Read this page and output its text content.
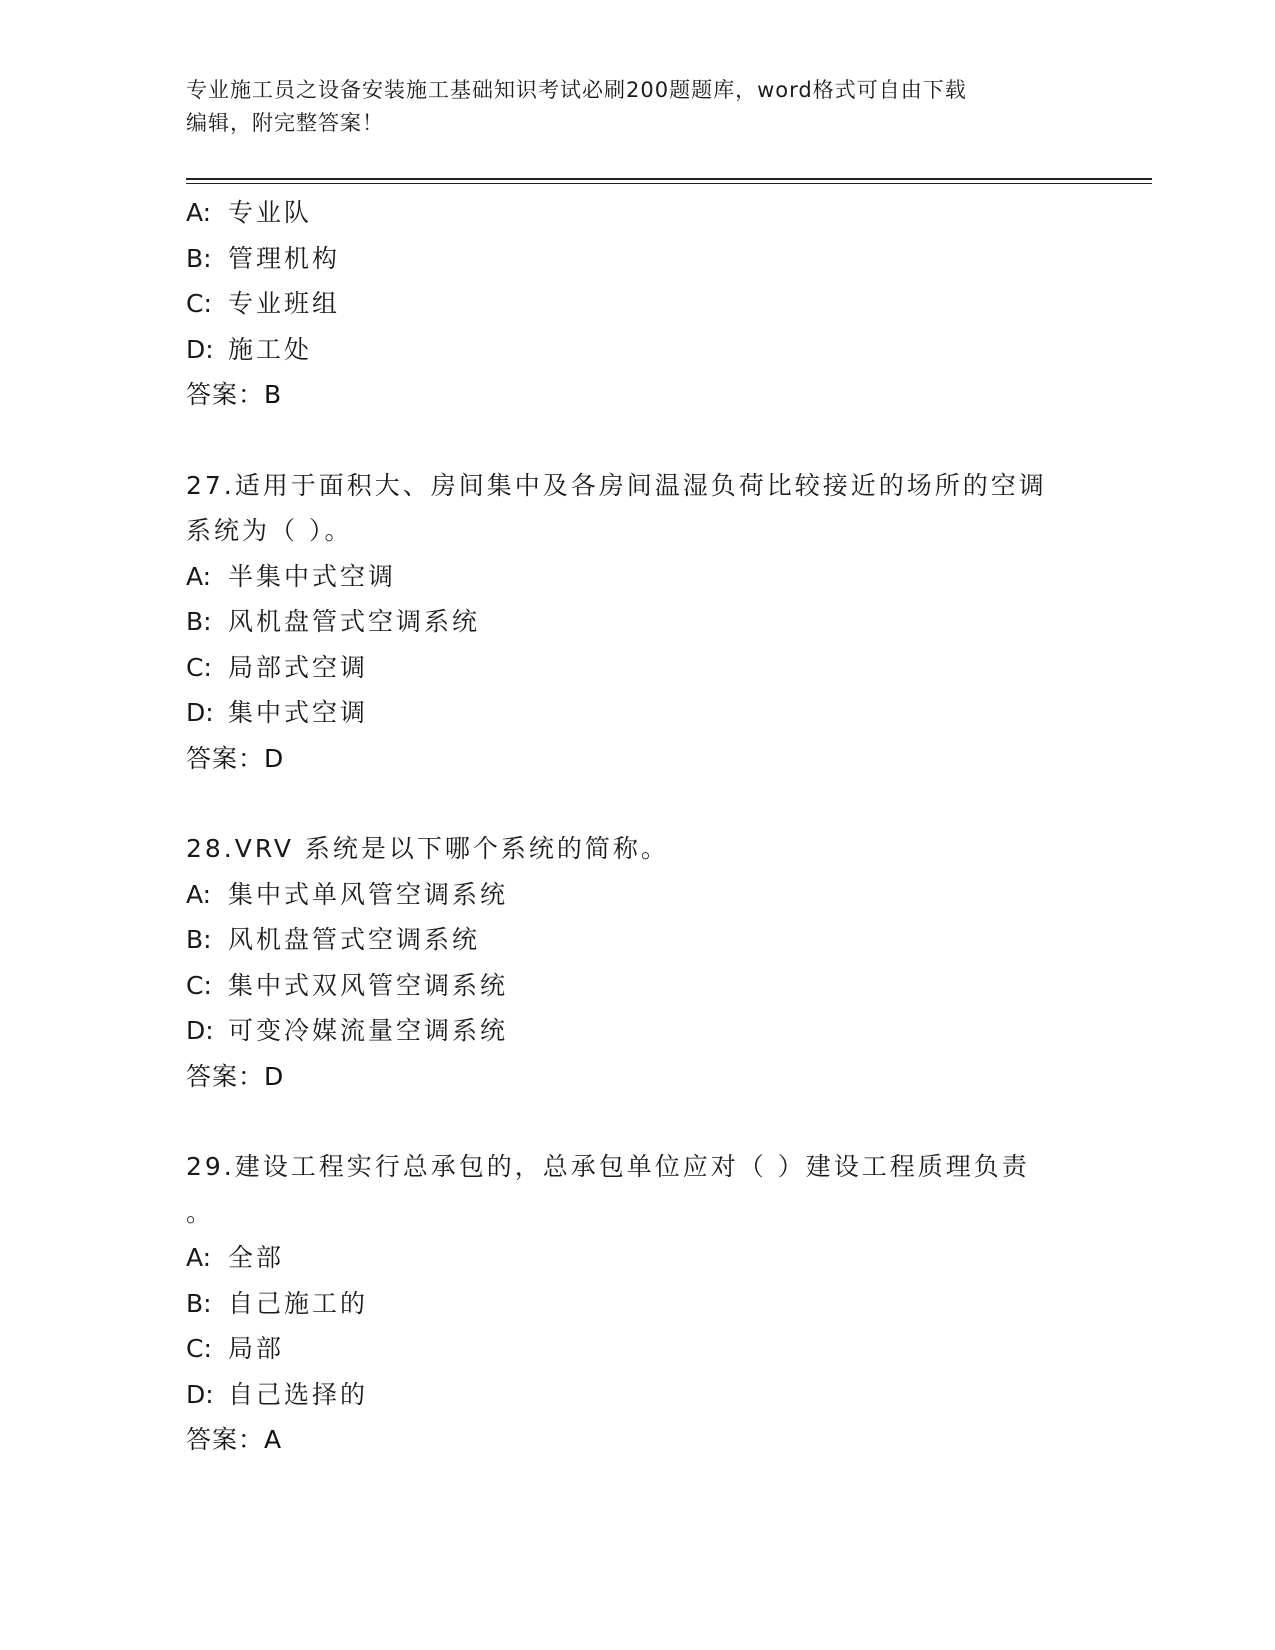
专业施工员之设备安装施工基础知识考试必刷200题题库，word格式可自由下载
编辑，附完整答案！
A: 专业队
B: 管理机构
C: 专业班组
D: 施工处
答案：B
27.适用于面积大、房间集中及各房间温湿负荷比较接近的场所的空调
系统为（ ）。
A: 半集中式空调
B: 风机盘管式空调系统
C: 局部式空调
D: 集中式空调
答案：D
28.VRV 系统是以下哪个系统的简称。
A: 集中式单风管空调系统
B: 风机盘管式空调系统
C: 集中式双风管空调系统
D: 可变冷媒流量空调系统
答案：D
29.建设工程实行总承包的，总承包单位应对（ ）建设工程质理负责
。
A: 全部
B: 自己施工的
C: 局部
D: 自己选择的
答案：A
